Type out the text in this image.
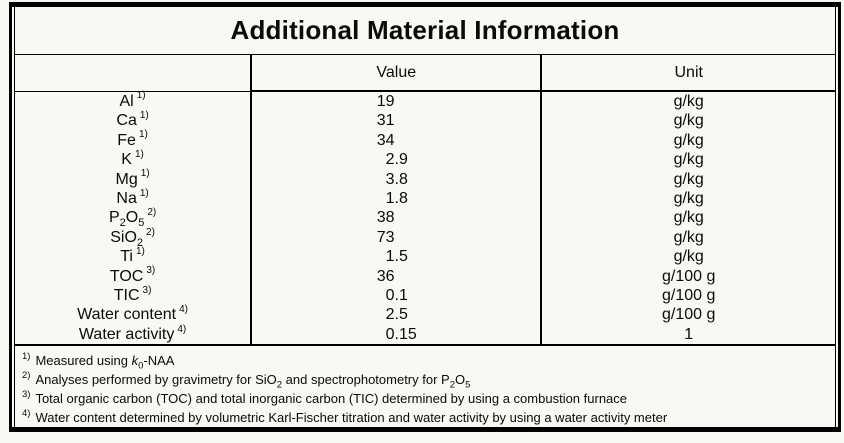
Additional Material Information
	Value	Unit
Al $^{1)}$	19	g/kg
Ca $^{1)}$	31	g/kg
Fe $^{1)}$	34	g/kg
K $^{1)}$	2.9	g/kg
Mg $^{1)}$	3.8	g/kg
Na $^{1)}$	1.8	g/kg
$P_2O_5^{2)}$	38	g/kg
SiO$_2^{2)}$	73	g/kg
Ti $^{1)}$	1.5	g/kg
TOC $^{3)}$	36	g/100 g
TIC $^{3)}$	0.1	g/100 g
Water content $^{4)}$	2.5	g/100 g
Water activity $^{4)}$	0.15	1
$^{1)}$ Measured using $k_0$-NAA
$^{2)}$ Analyses performed by gravimetry for SiO$_2$ and spectrophotometry for $P_2O_5$
$^{3)}$ Total organic carbon (TOC) and total inorganic carbon (TIC) determined by using a combustion furnace
$^{4)}$ Water content determined by volumetric Karl-Fischer titration and water activity by using a water activity meter
